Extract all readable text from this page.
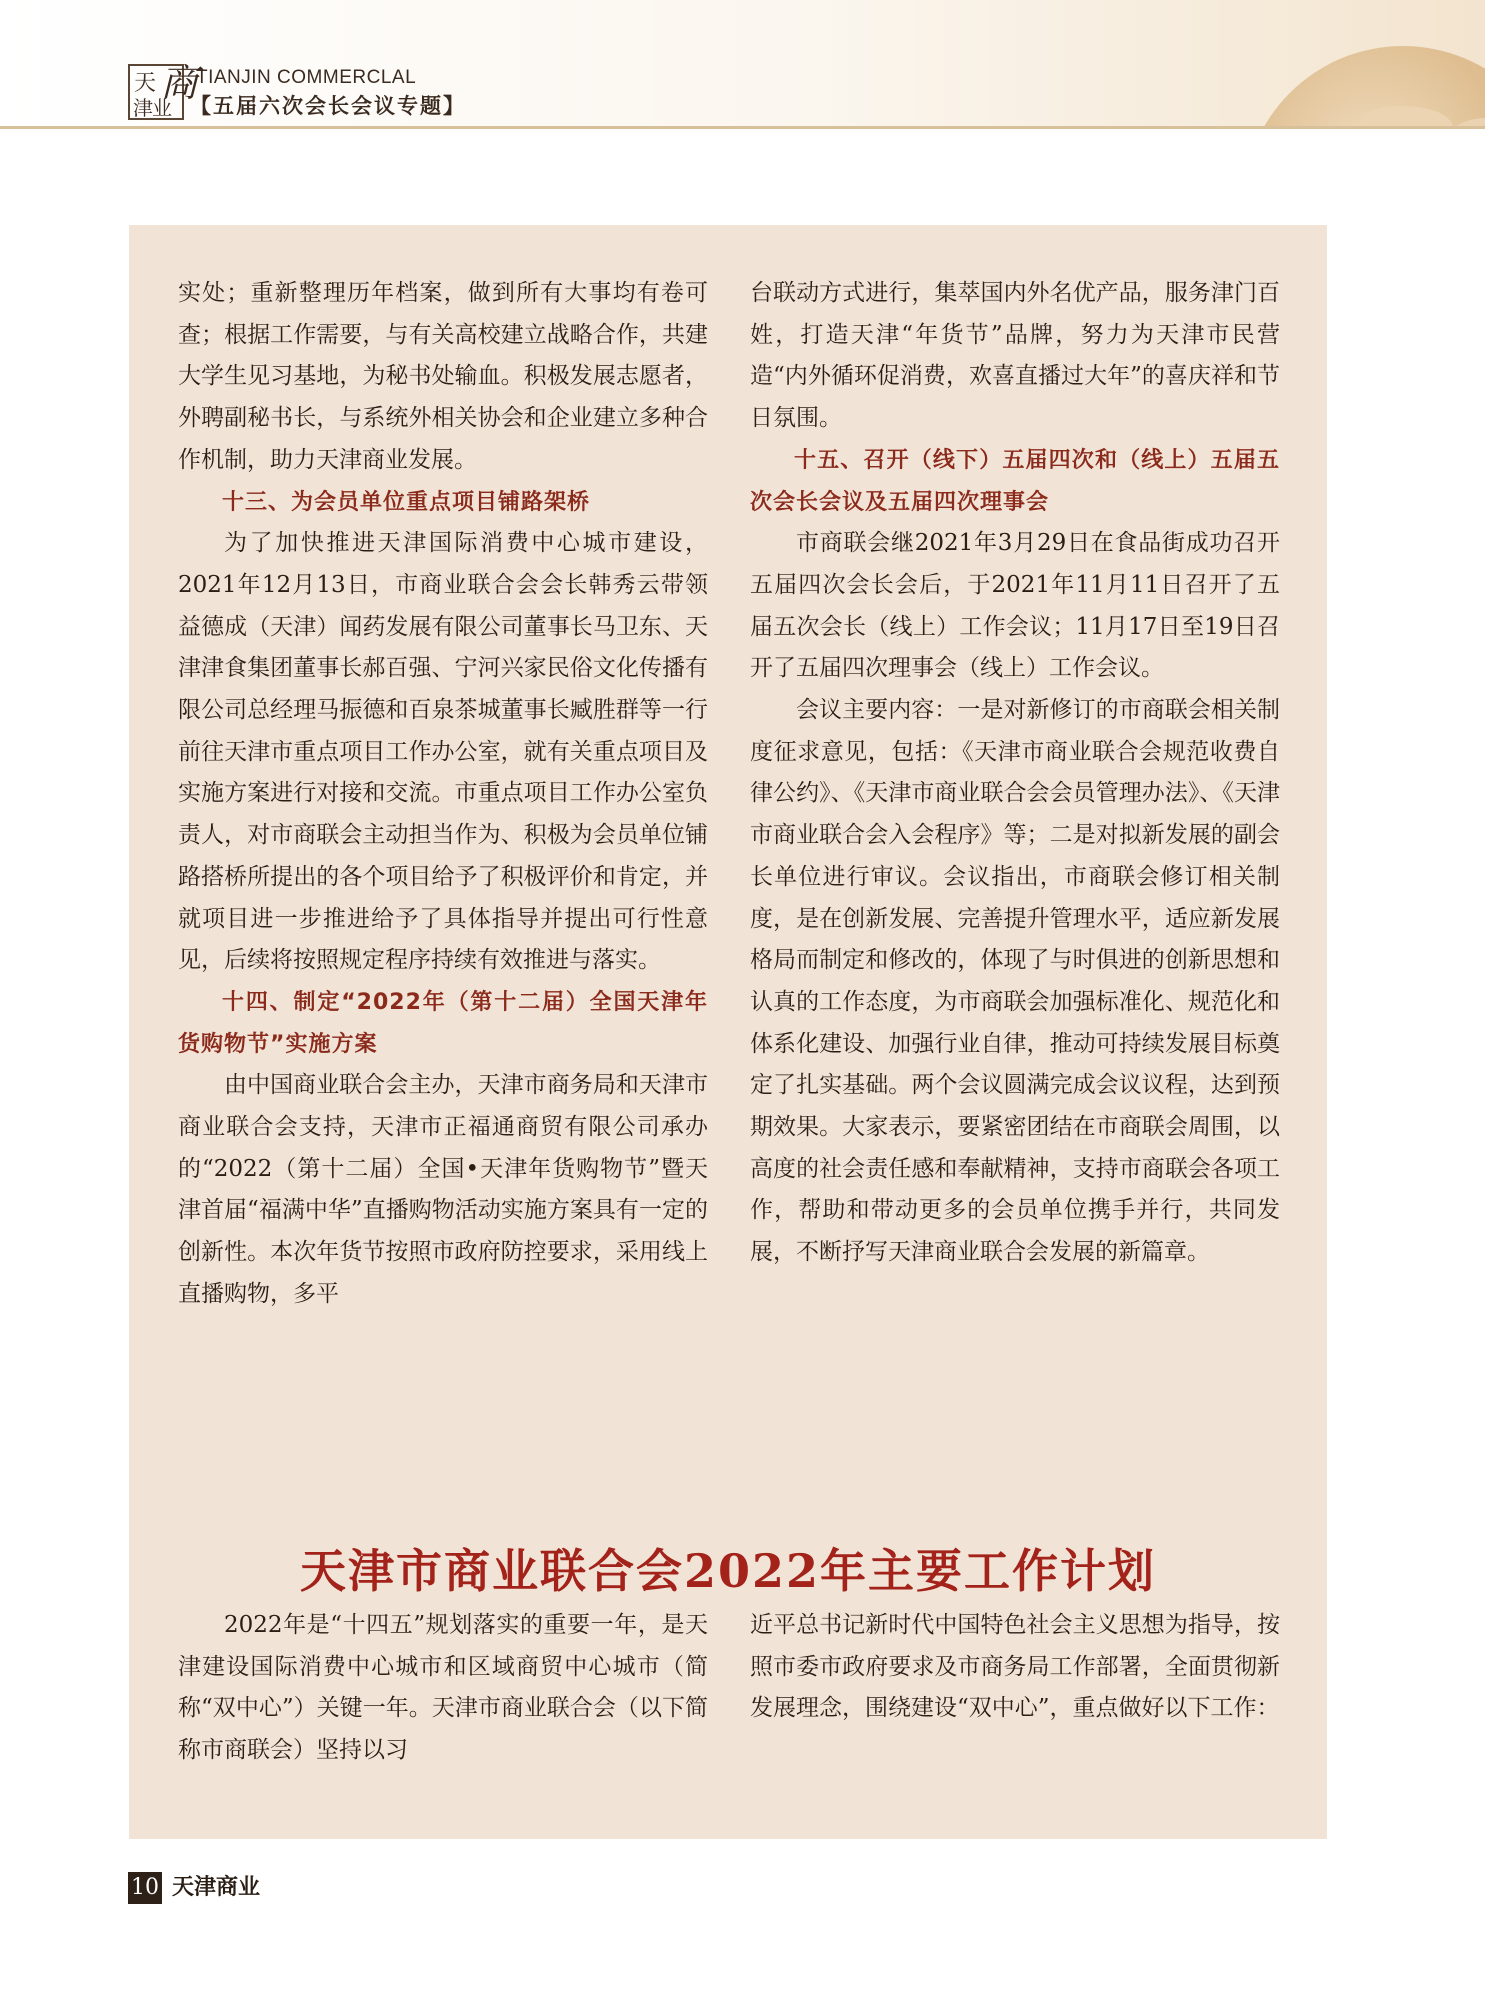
天 商
津业
TIANJIN COMMERCLAL
【五届六次会长会议专题】

实处；重新整理历年档案，做到所有大事均有卷可查；根据工作需要，与有关高校建立战略合作，共建大学生见习基地，为秘书处输血。积极发展志愿者，外聘副秘书长，与系统外相关协会和企业建立多种合作机制，助力天津商业发展。

十三、为会员单位重点项目铺路架桥

为了加快推进天津国际消费中心城市建设，2021年12月13日，市商业联合会会长韩秀云带领益德成（天津）闻药发展有限公司董事长马卫东、天津津食集团董事长郝百强、宁河兴家民俗文化传播有限公司总经理马振德和百泉茶城董事长臧胜群等一行前往天津市重点项目工作办公室，就有关重点项目及实施方案进行对接和交流。市重点项目工作办公室负责人，对市商联会主动担当作为、积极为会员单位铺路搭桥所提出的各个项目给予了积极评价和肯定，并就项目进一步推进给予了具体指导并提出可行性意见，后续将按照规定程序持续有效推进与落实。

十四、制定“2022年（第十二届）全国天津年货购物节”实施方案

由中国商业联合会主办，天津市商务局和天津市商业联合会支持，天津市正福通商贸有限公司承办的“2022（第十二届）全国•天津年货购物节”暨天津首届“福满中华”直播购物活动实施方案具有一定的创新性。本次年货节按照市政府防控要求，采用线上直播购物，多平

台联动方式进行，集萃国内外名优产品，服务津门百姓，打造天津“年货节”品牌，努力为天津市民营造“内外循环促消费，欢喜直播过大年”的喜庆祥和节日氛围。

十五、召开（线下）五届四次和（线上）五届五次会长会议及五届四次理事会

市商联会继2021年3月29日在食品街成功召开五届四次会长会后，于2021年11月11日召开了五届五次会长（线上）工作会议；11月17日至19日召开了五届四次理事会（线上）工作会议。

会议主要内容：一是对新修订的市商联会相关制度征求意见，包括：《天津市商业联合会规范收费自律公约》、《天津市商业联合会会员管理办法》、《天津市商业联合会入会程序》等；二是对拟新发展的副会长单位进行审议。会议指出，市商联会修订相关制度，是在创新发展、完善提升管理水平，适应新发展格局而制定和修改的，体现了与时俱进的创新思想和认真的工作态度，为市商联会加强标准化、规范化和体系化建设、加强行业自律，推动可持续发展目标奠定了扎实基础。两个会议圆满完成会议议程，达到预期效果。大家表示，要紧密团结在市商联会周围，以高度的社会责任感和奉献精神，支持市商联会各项工作，帮助和带动更多的会员单位携手并行，共同发展，不断抒写天津商业联合会发展的新篇章。

天津市商业联合会2022年主要工作计划

2022年是“十四五”规划落实的重要一年，是天津建设国际消费中心城市和区域商贸中心城市（简称“双中心”）关键一年。天津市商业联合会（以下简称市商联会）坚持以习

近平总书记新时代中国特色社会主义思想为指导，按照市委市政府要求及市商务局工作部署，全面贯彻新发展理念，围绕建设“双中心”，重点做好以下工作：

10 天津商业
